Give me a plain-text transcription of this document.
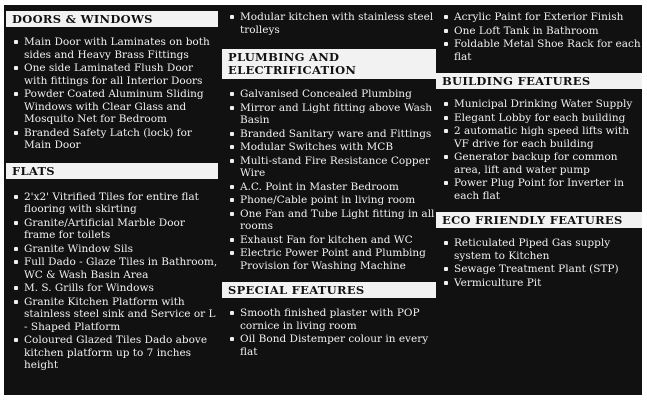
DOORS & WINDOWS
Main Door with Laminates on both sides and Heavy Brass Fittings
One side Laminated Flush Door with fittings for all Interior Doors
Powder Coated Aluminum Sliding Windows with Clear Glass and Mosquito Net for Bedroom
Branded Safety Latch (lock) for Main Door
FLATS
2'x2' Vitrified Tiles for entire flat flooring with skirting
Granite/Artificial Marble Door frame for toilets
Granite Window Sils
Full Dado - Glaze Tiles in Bathroom, WC & Wash Basin Area
M. S. Grills for Windows
Granite Kitchen Platform with stainless steel sink and Service or L - Shaped Platform
Coloured Glazed Tiles Dado above kitchen platform up to 7 inches height
Modular kitchen with stainless steel trolleys
PLUMBING AND
ELECTRIFICATION
Galvanised Concealed Plumbing
Mirror and Light fitting above Wash Basin
Branded Sanitary ware and Fittings
Modular Switches with MCB
Multi-stand Fire Resistance Copper Wire
A.C. Point in Master Bedroom
Phone/Cable point in living room
One Fan and Tube Light fitting in all rooms
Exhaust Fan for kitchen and WC
Electric Power Point and Plumbing Provision for Washing Machine
SPECIAL FEATURES
Smooth finished plaster with POP cornice in living room
Oil Bond Distemper colour in every flat
Acrylic Paint for Exterior Finish
One Loft Tank in Bathroom
Foldable Metal Shoe Rack for each flat
BUILDING FEATURES
Municipal Drinking Water Supply
Elegant Lobby for each building
2 automatic high speed lifts with VF drive for each building
Generator backup for common area, lift and water pump
Power Plug Point for Inverter in each flat
ECO FRIENDLY FEATURES
Reticulated Piped Gas supply system to Kitchen
Sewage Treatment Plant (STP)
Vermiculture Pit
